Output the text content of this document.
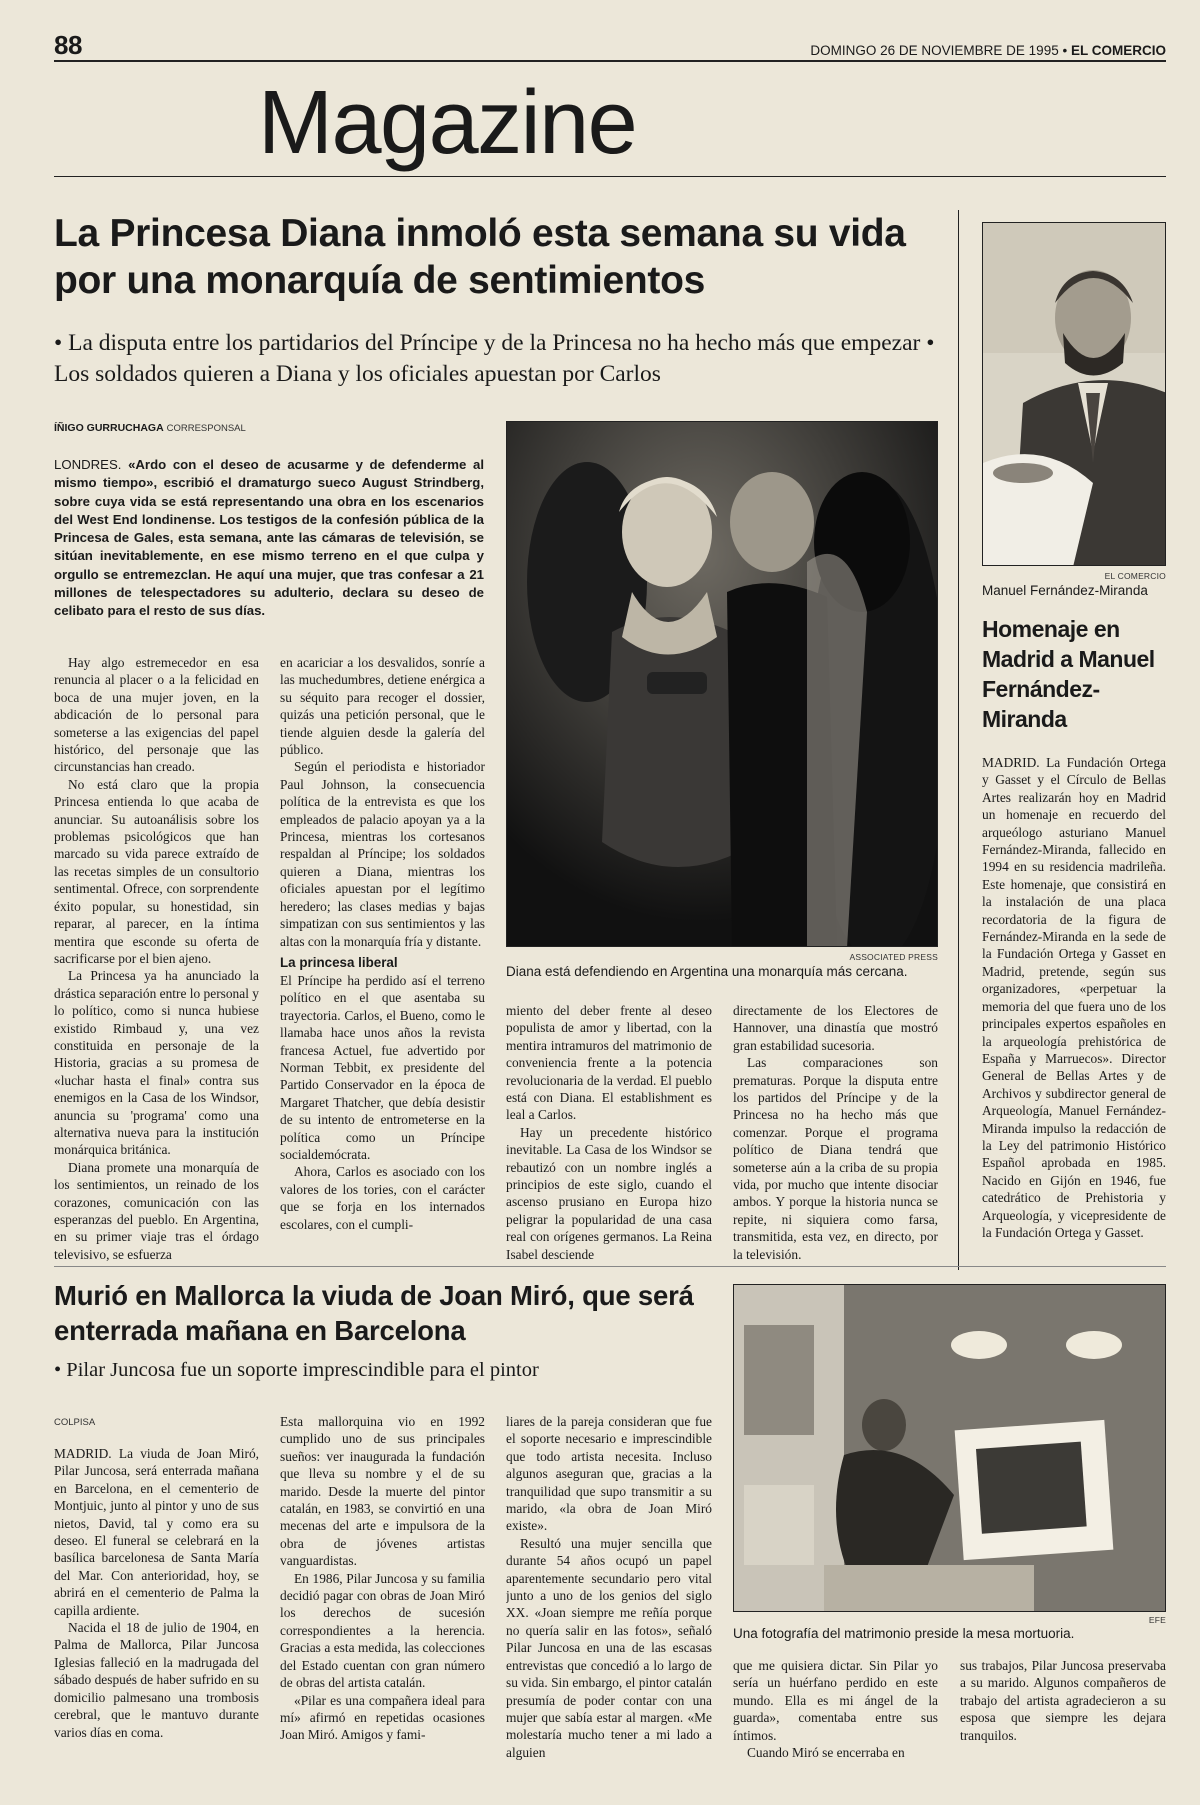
88	DOMINGO 26 DE NOVIEMBRE DE 1995 • EL COMERCIO
Magazine
La Princesa Diana inmoló esta semana su vida por una monarquía de sentimientos
• La disputa entre los partidarios del Príncipe y de la Princesa no ha hecho más que empezar • Los soldados quieren a Diana y los oficiales apuestan por Carlos
ÍÑIGO GURRUCHAGA CORRESPONSAL
LONDRES. «Ardo con el deseo de acusarme y de defenderme al mismo tiempo», escribió el dramaturgo sueco August Strindberg, sobre cuya vida se está representando una obra en los escenarios del West End londinense. Los testigos de la confesión pública de la Princesa de Gales, esta semana, ante las cámaras de televisión, se sitúan inevitablemente, en ese mismo terreno en el que culpa y orgullo se entremezclan. He aquí una mujer, que tras confesar a 21 millones de telespectadores su adulterio, declara su deseo de celibato para el resto de sus días.
ASSOCIATED PRESS
Diana está defendiendo en Argentina una monarquía más cercana.

Hay algo estremecedor en esa renuncia al placer o a la felicidad en boca de una mujer joven, en la abdicación de lo personal para someterse a las exigencias del papel histórico, del personaje que las circunstancias han creado.

No está claro que la propia Princesa entienda lo que acaba de anunciar. Su autoanálisis sobre los problemas psicológicos que han marcado su vida parece extraído de las recetas simples de un consultorio sentimental. Ofrece, con sorprendente éxito popular, su honestidad, sin reparar, al parecer, en la íntima mentira que esconde su oferta de sacrificarse por el bien ajeno.

La Princesa ya ha anunciado la drástica separación entre lo personal y lo político, como si nunca hubiese existido Rimbaud y, una vez constituida en personaje de la Historia, gracias a su promesa de «luchar hasta el final» contra sus enemigos en la Casa de los Windsor, anuncia su 'programa' como una alternativa nueva para la institución monárquica británica.

Diana promete una monarquía de los sentimientos, un reinado de los corazones, comunicación con las esperanzas del pueblo. En Argentina, en su primer viaje tras el órdago televisivo, se esfuerza

en acariciar a los desvalidos, sonríe a las muchedumbres, detiene enérgica a su séquito para recoger el dossier, quizás una petición personal, que le tiende alguien desde la galería del público.

Según el periodista e historiador Paul Johnson, la consecuencia política de la entrevista es que los empleados de palacio apoyan ya a la Princesa, mientras los cortesanos respaldan al Príncipe; los soldados quieren a Diana, mientras los oficiales apuestan por el legítimo heredero; las clases medias y bajas simpatizan con sus sentimientos y las altas con la monarquía fría y distante.

La princesa liberal

El Príncipe ha perdido así el terreno político en el que asentaba su trayectoria. Carlos, el Bueno, como le llamaba hace unos años la revista francesa Actuel, fue advertido por Norman Tebbit, ex presidente del Partido Conservador en la época de Margaret Thatcher, que debía desistir de su intento de entrometerse en la política como un Príncipe socialdemócrata.

Ahora, Carlos es asociado con los valores de los tories, con el carácter que se forja en los internados escolares, con el cumpli-

miento del deber frente al deseo populista de amor y libertad, con la mentira intramuros del matrimonio de conveniencia frente a la potencia revolucionaria de la verdad. El pueblo está con Diana. El establishment es leal a Carlos.

Hay un precedente histórico inevitable. La Casa de los Windsor se rebautizó con un nombre inglés a principios de este siglo, cuando el ascenso prusiano en Europa hizo peligrar la popularidad de una casa real con orígenes germanos. La Reina Isabel desciende

directamente de los Electores de Hannover, una dinastía que mostró gran estabilidad sucesoria.

Las comparaciones son prematuras. Porque la disputa entre los partidos del Príncipe y de la Princesa no ha hecho más que comenzar. Porque el programa político de Diana tendrá que someterse aún a la criba de su propia vida, por mucho que intente disociar ambos. Y porque la historia nunca se repite, ni siquiera como farsa, transmitida, esta vez, en directo, por la televisión.

EL COMERCIO
Manuel Fernández-Miranda
Homenaje en Madrid a Manuel Fernández-Miranda

MADRID. La Fundación Ortega y Gasset y el Círculo de Bellas Artes realizarán hoy en Madrid un homenaje en recuerdo del arqueólogo asturiano Manuel Fernández-Miranda, fallecido en 1994 en su residencia madrileña. Este homenaje, que consistirá en la instalación de una placa recordatoria de la figura de Fernández-Miranda en la sede de la Fundación Ortega y Gasset en Madrid, pretende, según sus organizadores, «perpetuar la memoria del que fuera uno de los principales expertos españoles en la arqueología prehistórica de España y Marruecos». Director General de Bellas Artes y de Archivos y subdirector general de Arqueología, Manuel Fernández-Miranda impulso la redacción de la Ley del patrimonio Histórico Español aprobada en 1985. Nacido en Gijón en 1946, fue catedrático de Prehistoria y Arqueología, y vicepresidente de la Fundación Ortega y Gasset.

Murió en Mallorca la viuda de Joan Miró, que será enterrada mañana en Barcelona
• Pilar Juncosa fue un soporte imprescindible para el pintor
COLPISA

MADRID. La viuda de Joan Miró, Pilar Juncosa, será enterrada mañana en Barcelona, en el cementerio de Montjuic, junto al pintor y uno de sus nietos, David, tal y como era su deseo. El funeral se celebrará en la basílica barcelonesa de Santa María del Mar. Con anterioridad, hoy, se abrirá en el cementerio de Palma la capilla ardiente.

Nacida el 18 de julio de 1904, en Palma de Mallorca, Pilar Juncosa Iglesias falleció en la madrugada del sábado después de haber sufrido en su domicilio palmesano una trombosis cerebral, que le mantuvo durante varios días en coma.

Esta mallorquina vio en 1992 cumplido uno de sus principales sueños: ver inaugurada la fundación que lleva su nombre y el de su marido. Desde la muerte del pintor catalán, en 1983, se convirtió en una mecenas del arte e impulsora de la obra de jóvenes artistas vanguardistas.

En 1986, Pilar Juncosa y su familia decidió pagar con obras de Joan Miró los derechos de sucesión correspondientes a la herencia. Gracias a esta medida, las colecciones del Estado cuentan con gran número de obras del artista catalán.

«Pilar es una compañera ideal para mí» afirmó en repetidas ocasiones Joan Miró. Amigos y fami-

liares de la pareja consideran que fue el soporte necesario e imprescindible que todo artista necesita. Incluso algunos aseguran que, gracias a la tranquilidad que supo transmitir a su marido, «la obra de Joan Miró existe».

Resultó una mujer sencilla que durante 54 años ocupó un papel aparentemente secundario pero vital junto a uno de los genios del siglo XX. «Joan siempre me reñía porque no quería salir en las fotos», señaló Pilar Juncosa en una de las escasas entrevistas que concedió a lo largo de su vida. Sin embargo, el pintor catalán presumía de poder contar con una mujer que sabía estar al margen. «Me molestaría mucho tener a mi lado a alguien

EFE
Una fotografía del matrimonio preside la mesa mortuoria.

que me quisiera dictar. Sin Pilar yo sería un huérfano perdido en este mundo. Ella es mi ángel de la guarda», comentaba entre sus íntimos.

Cuando Miró se encerraba en

sus trabajos, Pilar Juncosa preservaba a su marido. Algunos compañeros de trabajo del artista agradecieron a su esposa que siempre les dejara tranquilos.
